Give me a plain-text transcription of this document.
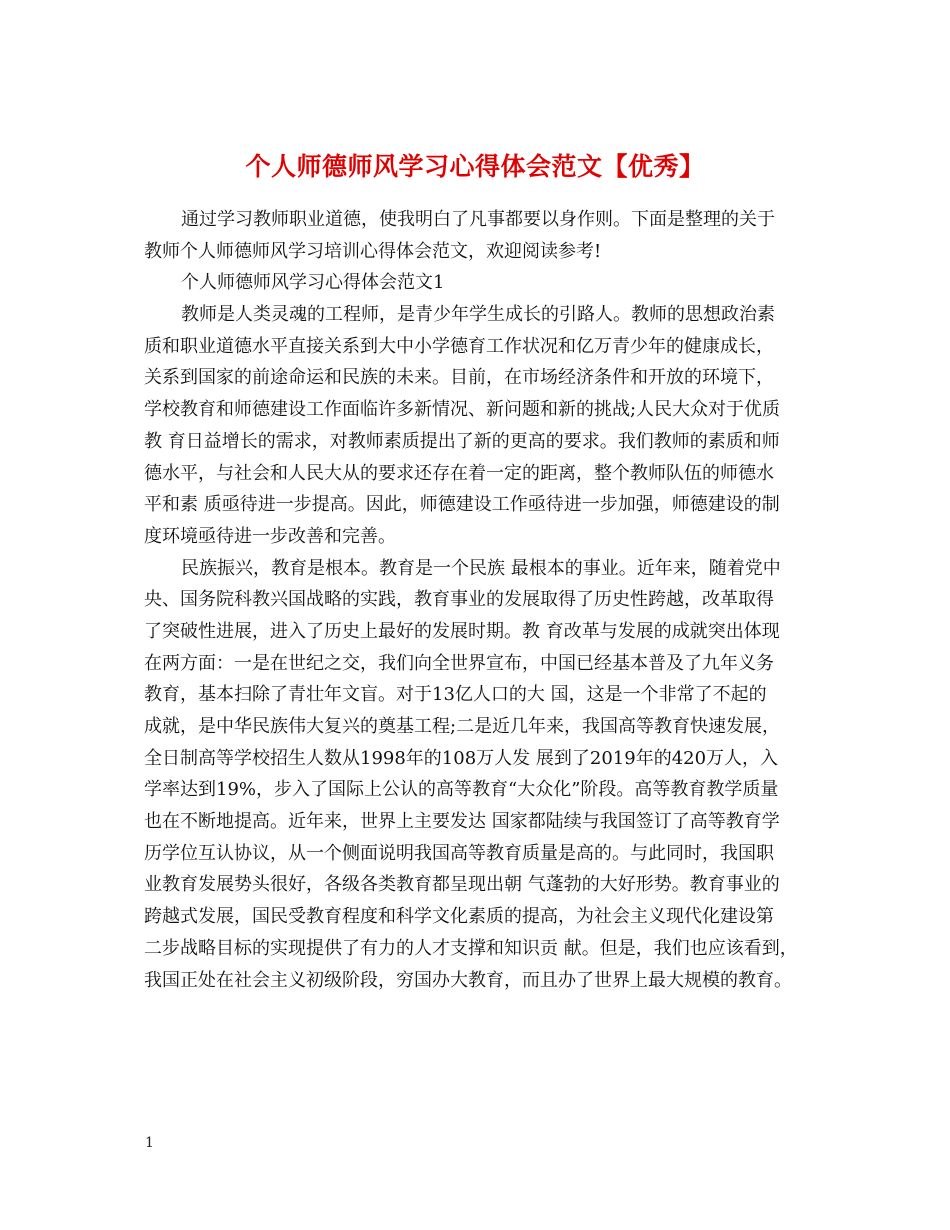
个人师德师风学习心得体会范文【优秀】
通过学习教师职业道德，使我明白了凡事都要以身作则。下面是整理的关于
教师个人师德师风学习培训心得体会范文，欢迎阅读参考!
个人师德师风学习心得体会范文1
教师是人类灵魂的工程师，是青少年学生成长的引路人。教师的思想政治素
质和职业道德水平直接关系到大中小学德育工作状况和亿万青少年的健康成长，
关系到国家的前途命运和民族的未来。目前，在市场经济条件和开放的环境下，
学校教育和师德建设工作面临许多新情况、新问题和新的挑战;人民大众对于优质
教 育日益增长的需求，对教师素质提出了新的更高的要求。我们教师的素质和师
德水平，与社会和人民大从的要求还存在着一定的距离，整个教师队伍的师德水
平和素 质亟待进一步提高。因此，师德建设工作亟待进一步加强，师德建设的制
度环境亟待进一步改善和完善。
民族振兴，教育是根本。教育是一个民族 最根本的事业。近年来，随着党中
央、国务院科教兴国战略的实践，教育事业的发展取得了历史性跨越，改革取得
了突破性进展，进入了历史上最好的发展时期。教 育改革与发展的成就突出体现
在两方面：一是在世纪之交，我们向全世界宣布，中国已经基本普及了九年义务
教育，基本扫除了青壮年文盲。对于13亿人口的大 国，这是一个非常了不起的
成就，是中华民族伟大复兴的奠基工程;二是近几年来，我国高等教育快速发展，
全日制高等学校招生人数从1998年的108万人发 展到了2019年的420万人，入
学率达到19%，步入了国际上公认的高等教育“大众化”阶段。高等教育教学质量
也在不断地提高。近年来，世界上主要发达 国家都陆续与我国签订了高等教育学
历学位互认协议，从一个侧面说明我国高等教育质量是高的。与此同时，我国职
业教育发展势头很好，各级各类教育都呈现出朝 气蓬勃的大好形势。教育事业的
跨越式发展，国民受教育程度和科学文化素质的提高，为社会主义现代化建设第
二步战略目标的实现提供了有力的人才支撑和知识贡 献。但是，我们也应该看到，
我国正处在社会主义初级阶段，穷国办大教育，而且办了世界上最大规模的教育。
1
